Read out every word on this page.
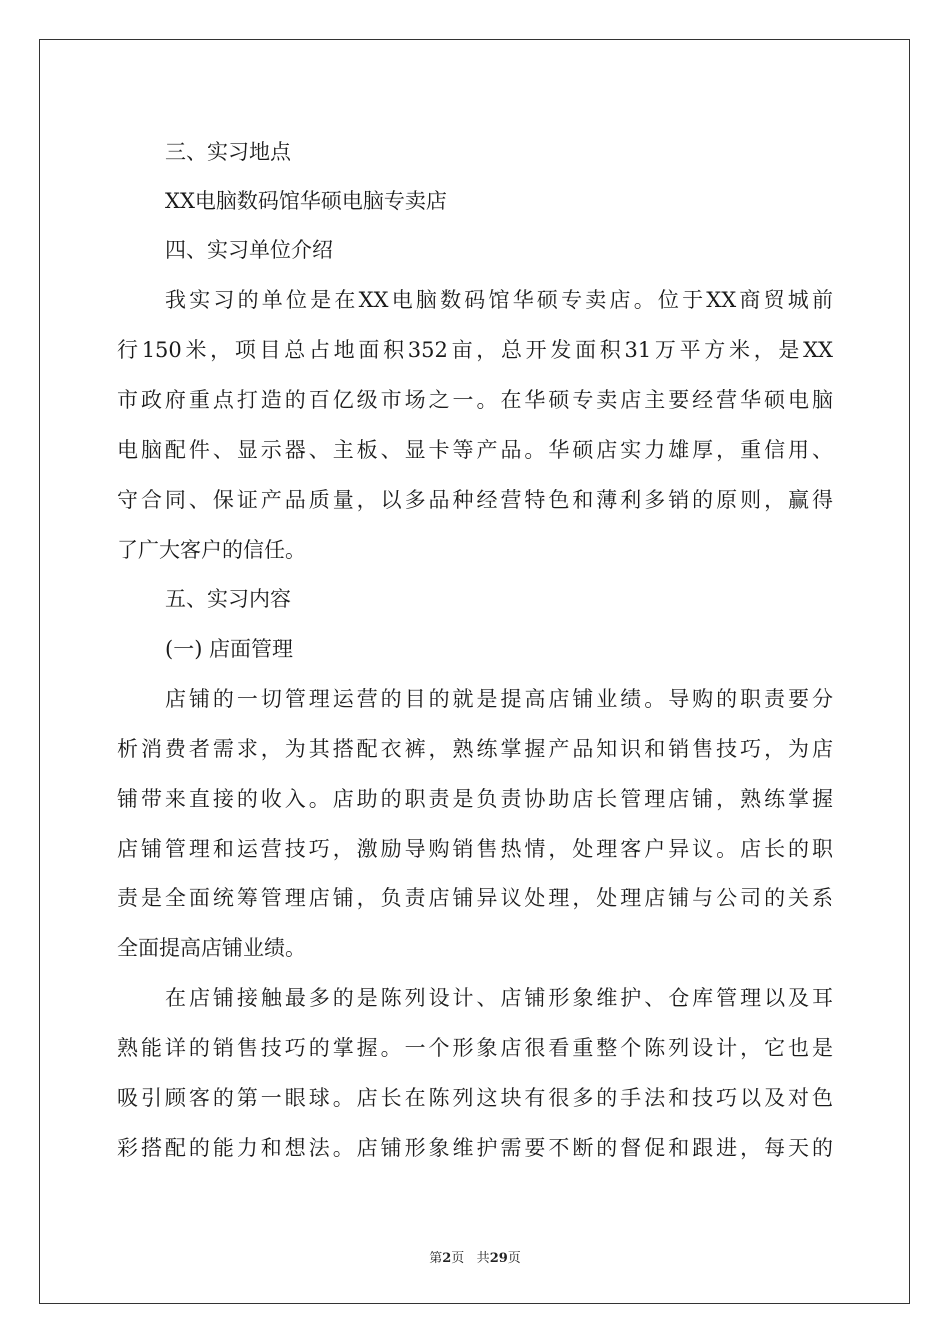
三、实习地点
XX电脑数码馆华硕电脑专卖店
四、实习单位介绍
我实习的单位是在XX电脑数码馆华硕专卖店。位于XX商贸城前
行150米，项目总占地面积352亩，总开发面积31万平方米，是XX
市政府重点打造的百亿级市场之一。在华硕专卖店主要经营华硕电脑
电脑配件、显示器、主板、显卡等产品。华硕店实力雄厚，重信用、
守合同、保证产品质量，以多品种经营特色和薄利多销的原则，赢得
了广大客户的信任。
五、实习内容
(一) 店面管理
店铺的一切管理运营的目的就是提高店铺业绩。导购的职责要分
析消费者需求，为其搭配衣裤，熟练掌握产品知识和销售技巧，为店
铺带来直接的收入。店助的职责是负责协助店长管理店铺，熟练掌握
店铺管理和运营技巧，激励导购销售热情，处理客户异议。店长的职
责是全面统筹管理店铺，负责店铺异议处理，处理店铺与公司的关系
全面提高店铺业绩。
在店铺接触最多的是陈列设计、店铺形象维护、仓库管理以及耳
熟能详的销售技巧的掌握。一个形象店很看重整个陈列设计，它也是
吸引顾客的第一眼球。店长在陈列这块有很多的手法和技巧以及对色
彩搭配的能力和想法。店铺形象维护需要不断的督促和跟进，每天的
第2页 共29页
